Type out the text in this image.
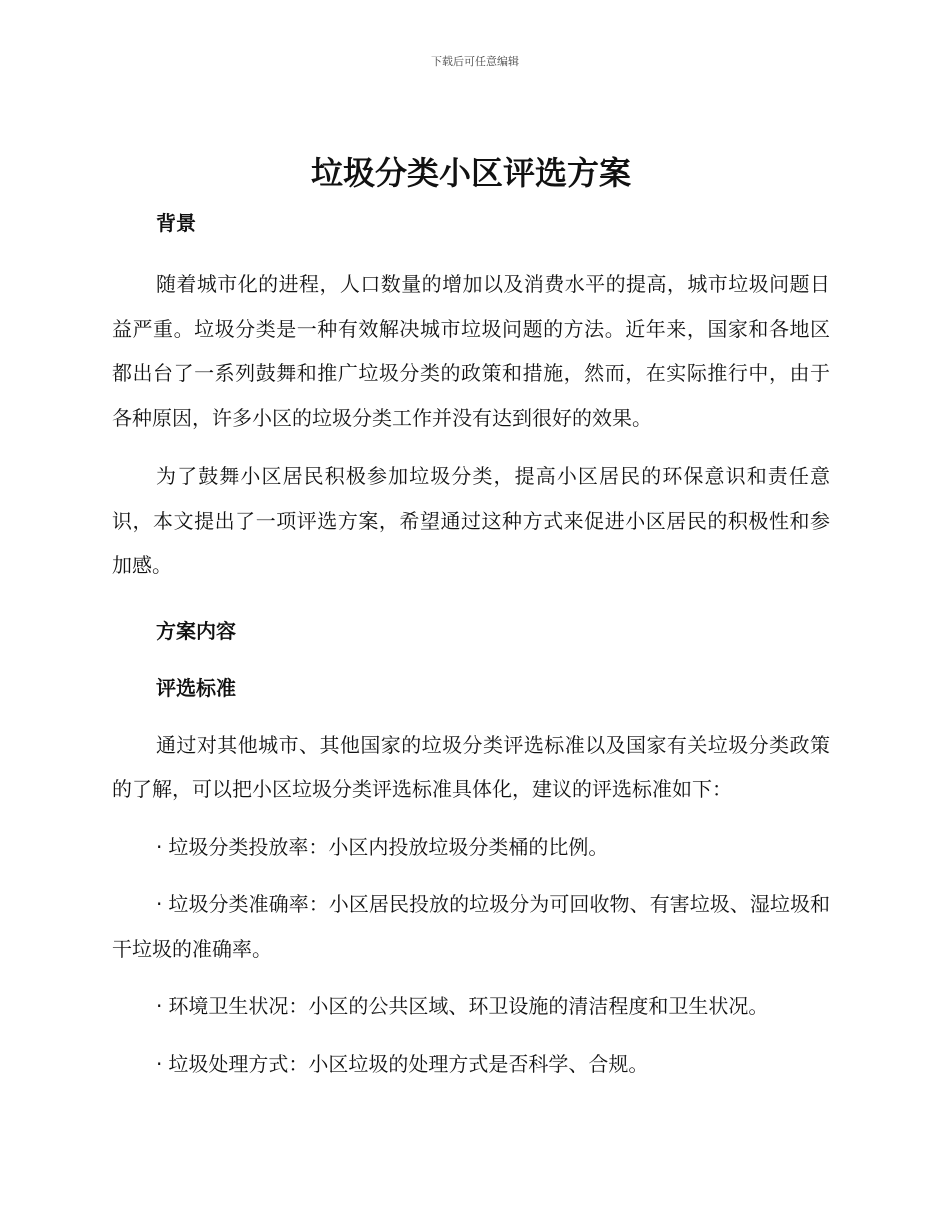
下载后可任意编辑
垃圾分类小区评选方案
背景

随着城市化的进程，人口数量的增加以及消费水平的提高，城市垃圾问题日益严重。垃圾分类是一种有效解决城市垃圾问题的方法。近年来，国家和各地区都出台了一系列鼓舞和推广垃圾分类的政策和措施，然而，在实际推行中，由于各种原因，许多小区的垃圾分类工作并没有达到很好的效果。

为了鼓舞小区居民积极参加垃圾分类，提高小区居民的环保意识和责任意识，本文提出了一项评选方案，希望通过这种方式来促进小区居民的积极性和参加感。

方案内容
评选标准

通过对其他城市、其他国家的垃圾分类评选标准以及国家有关垃圾分类政策的了解，可以把小区垃圾分类评选标准具体化，建议的评选标准如下：

· 垃圾分类投放率：小区内投放垃圾分类桶的比例。

· 垃圾分类准确率：小区居民投放的垃圾分为可回收物、有害垃圾、湿垃圾和干垃圾的准确率。

· 环境卫生状况：小区的公共区域、环卫设施的清洁程度和卫生状况。

· 垃圾处理方式：小区垃圾的处理方式是否科学、合规。
